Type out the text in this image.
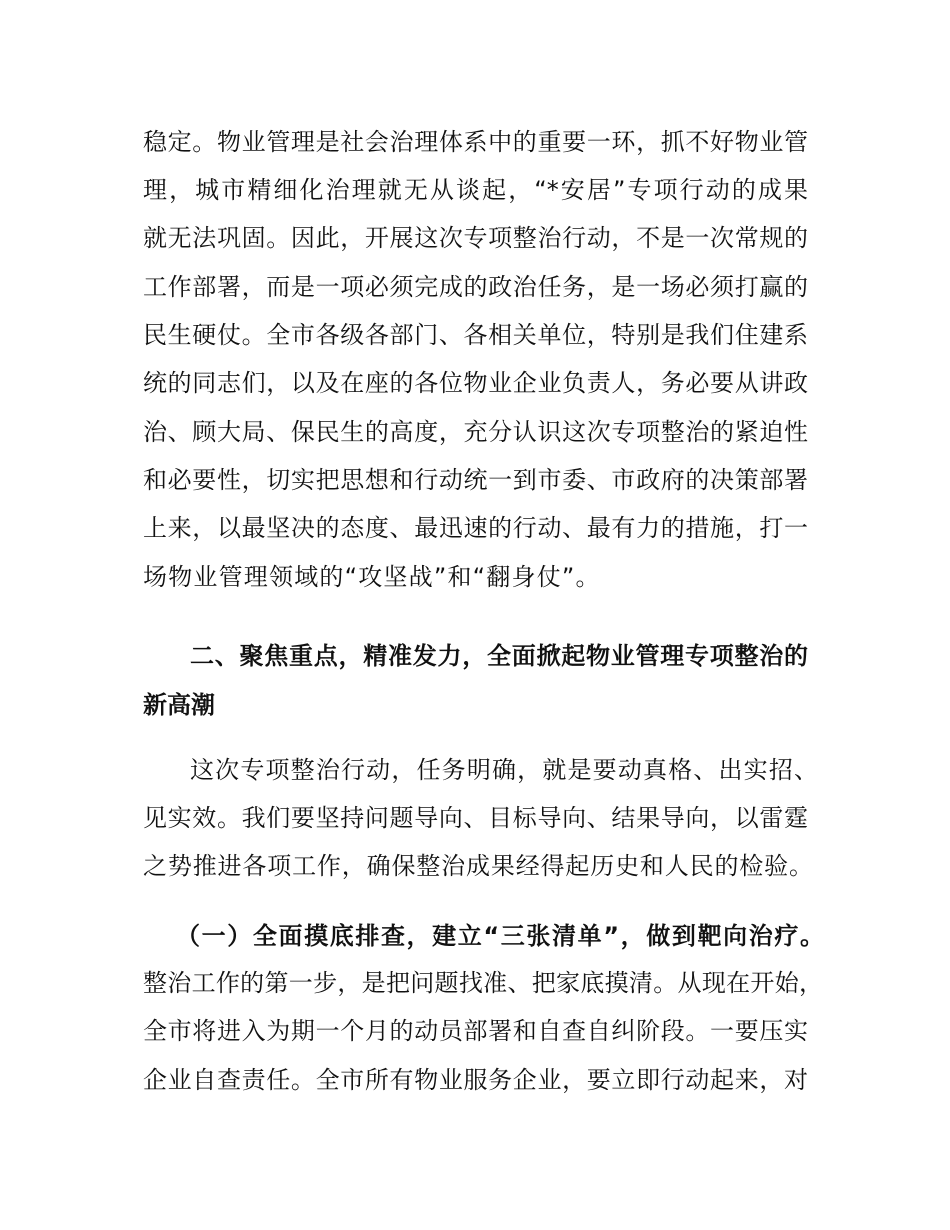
稳定。物业管理是社会治理体系中的重要一环，抓不好物业管
理，城市精细化治理就无从谈起，“*安居”专项行动的成果
就无法巩固。因此，开展这次专项整治行动，不是一次常规的
工作部署，而是一项必须完成的政治任务，是一场必须打赢的
民生硬仗。全市各级各部门、各相关单位，特别是我们住建系
统的同志们，以及在座的各位物业企业负责人，务必要从讲政
治、顾大局、保民生的高度，充分认识这次专项整治的紧迫性
和必要性，切实把思想和行动统一到市委、市政府的决策部署
上来，以最坚决的态度、最迅速的行动、最有力的措施，打一
场物业管理领域的“攻坚战”和“翻身仗”。
二、聚焦重点，精准发力，全面掀起物业管理专项整治的
新高潮
这次专项整治行动，任务明确，就是要动真格、出实招、
见实效。我们要坚持问题导向、目标导向、结果导向，以雷霆
之势推进各项工作，确保整治成果经得起历史和人民的检验。
（一）全面摸底排查，建立“三张清单”，做到靶向治疗。
整治工作的第一步，是把问题找准、把家底摸清。从现在开始，
全市将进入为期一个月的动员部署和自查自纠阶段。一要压实
企业自查责任。全市所有物业服务企业，要立即行动起来，对
